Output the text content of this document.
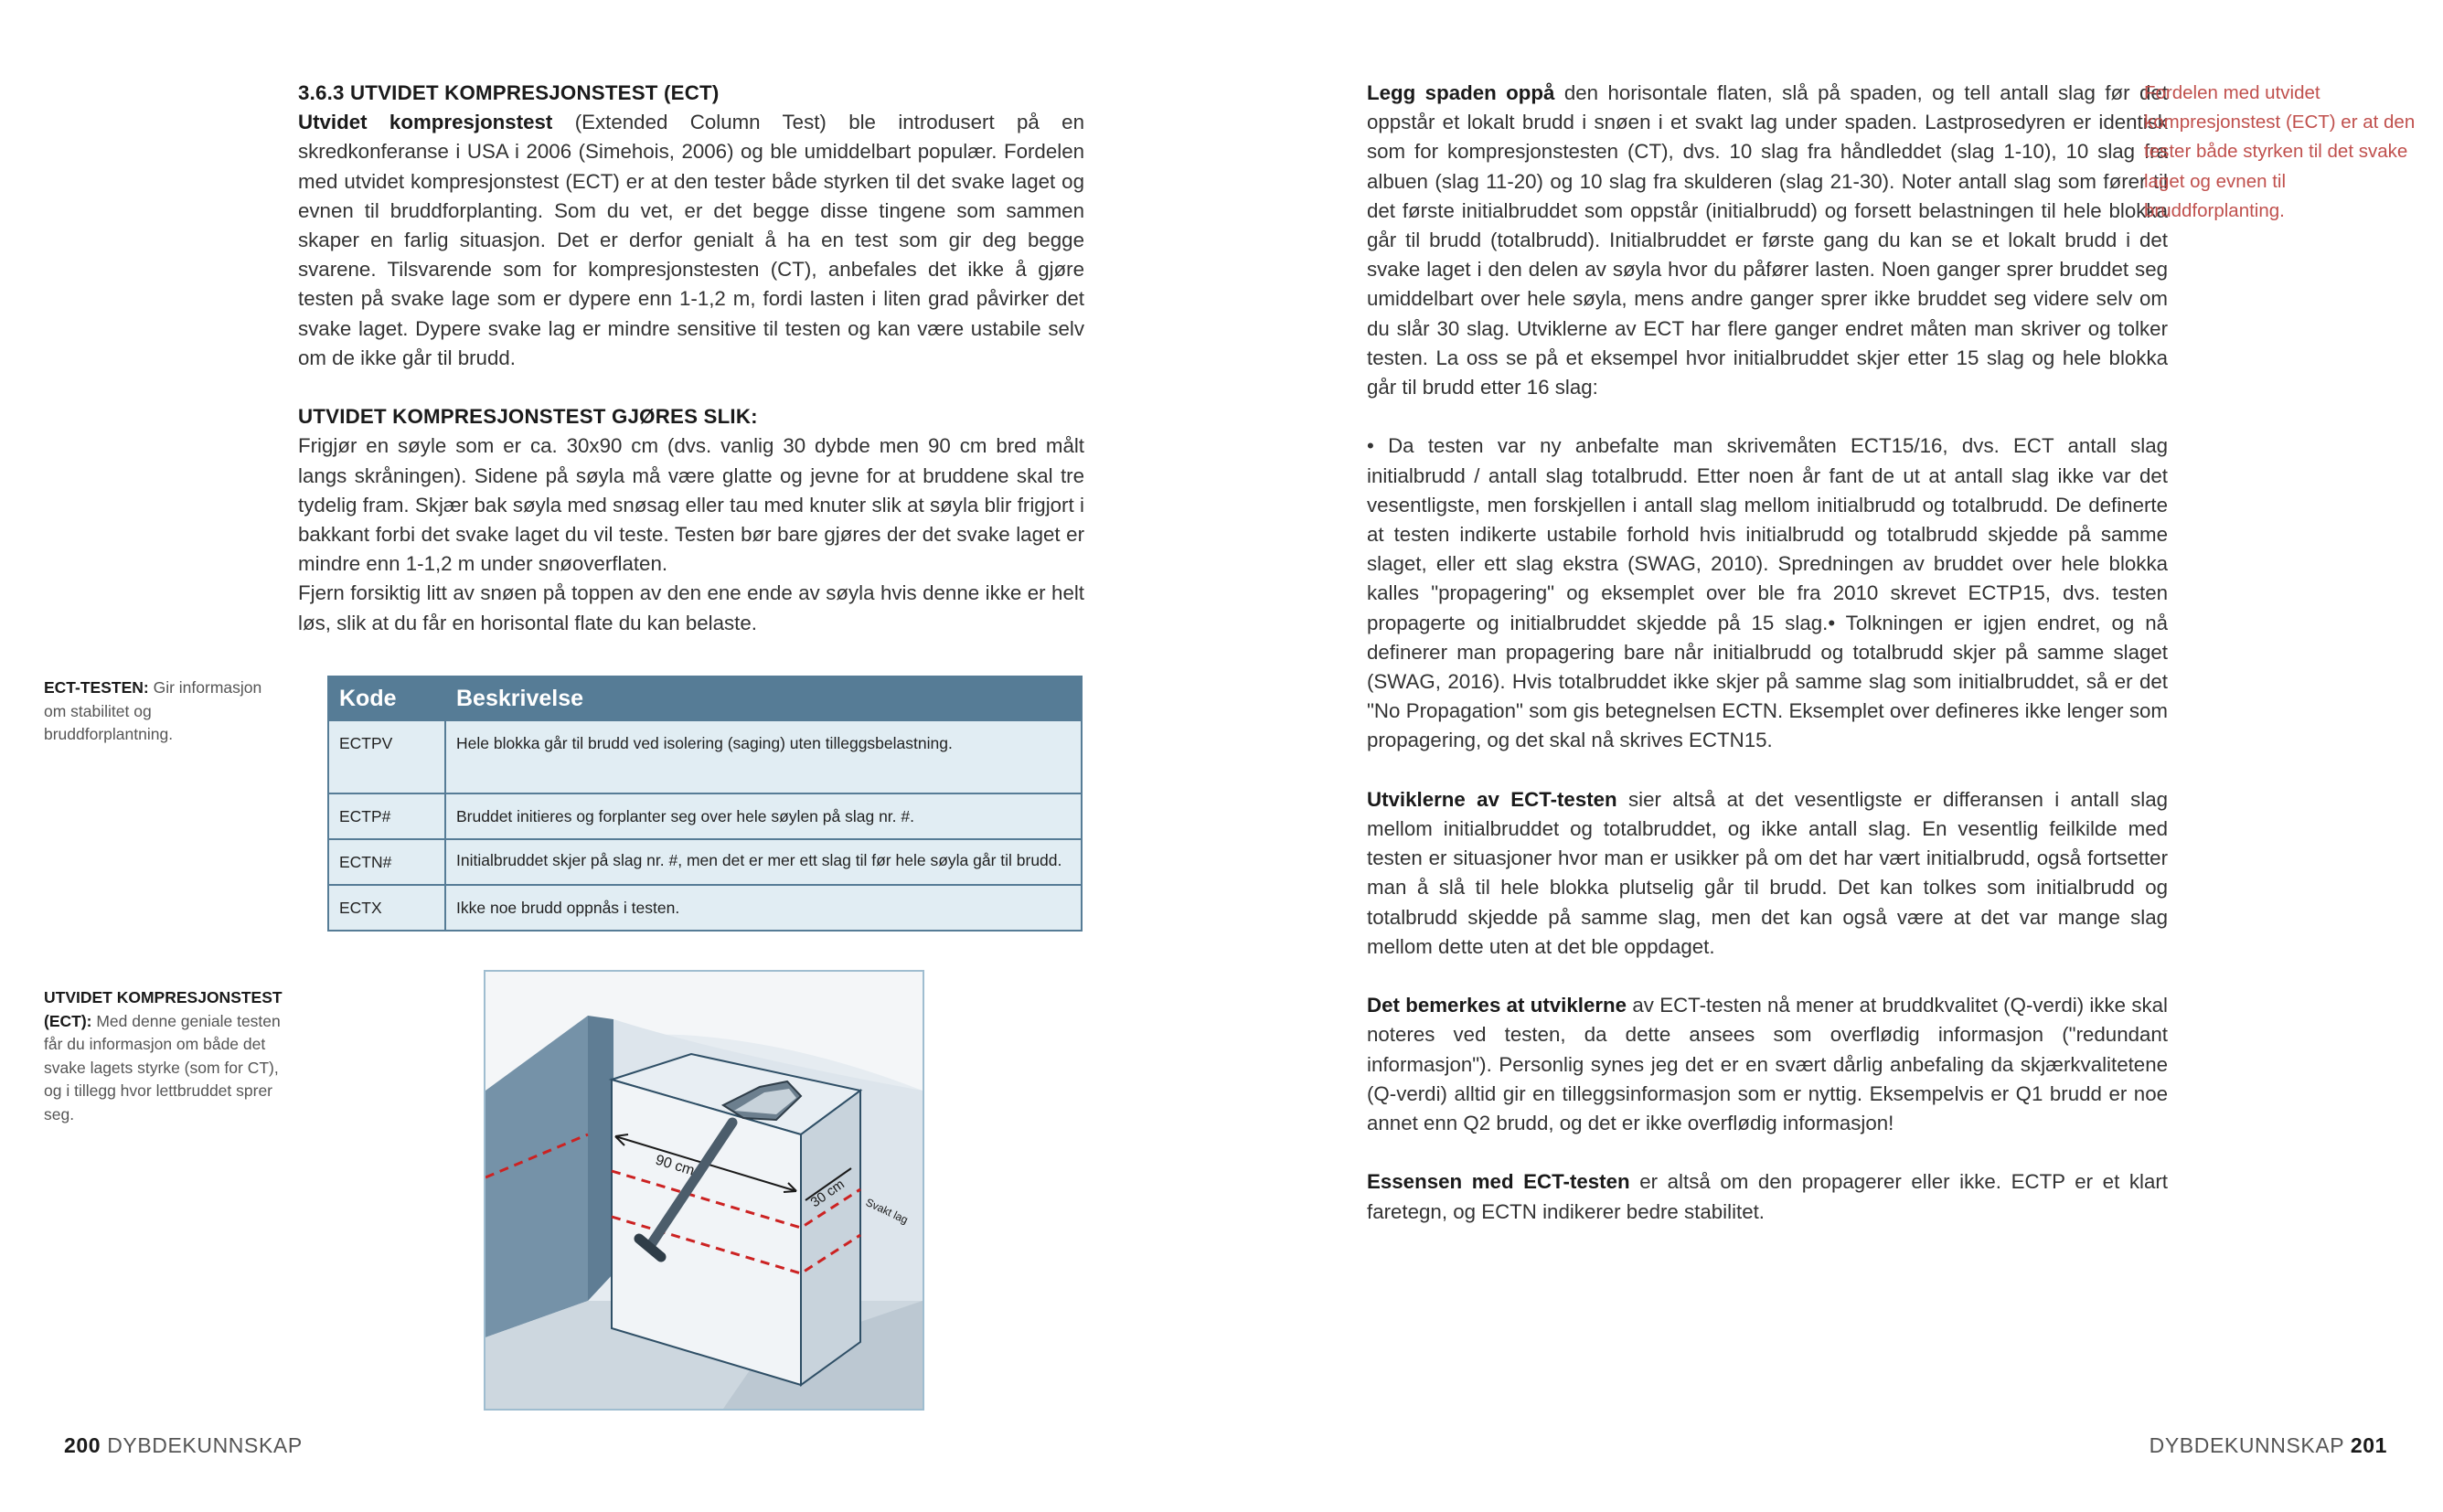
3.6.3 UTVIDET KOMPRESJONSTEST (ECT)

Utvidet kompresjonstest (Extended Column Test) ble introdusert på en skredkonferanse i USA i 2006 (Simehois, 2006) og ble umiddelbart populær. Fordelen med utvidet kompresjonstest (ECT) er at den tester både styrken til det svake laget og evnen til bruddforplanting. Som du vet, er det begge disse tingene som sammen skaper en farlig situasjon. Det er derfor genialt å ha en test som gir deg begge svarene. Tilsvarende som for kompresjonstesten (CT), anbefales det ikke å gjøre testen på svake lage som er dypere enn 1-1,2 m, fordi lasten i liten grad påvirker det svake laget. Dypere svake lag er mindre sensitive til testen og kan være ustabile selv om de ikke går til brudd.

UTVIDET KOMPRESJONSTEST GJØRES SLIK:

Frigjør en søyle som er ca. 30x90 cm (dvs. vanlig 30 dybde men 90 cm bred målt langs skråningen). Sidene på søyla må være glatte og jevne for at bruddene skal tre tydelig fram. Skjær bak søyla med snøsag eller tau med knuter slik at søyla blir frigjort i bakkant forbi det svake laget du vil teste. Testen bør bare gjøres der det svake laget er mindre enn 1-1,2 m under snøoverflaten.

Fjern forsiktig litt av snøen på toppen av den ene ende av søyla hvis denne ikke er helt løs, slik at du får en horisontal flate du kan belaste.

ECT-TESTEN: Gir informasjon om stabilitet og bruddforplantning.
UTVIDET KOMPRESJONSTEST (ECT): Med denne geniale testen får du informasjon om både det svake lagets styrke (som for CT), og i tillegg hvor lettbruddet sprer seg.
Kode	Beskrivelse
ECTPV	Hele blokka går til brudd ved isolering (saging) uten tilleggsbelastning.
ECTP#	Bruddet initieres og forplanter seg over hele søylen på slag nr. #.
ECTN#	Initialbruddet skjer på slag nr. #, men det er mer ett slag til før hele søyla går til brudd.
ECTX	Ikke noe brudd oppnås i testen.
90 cm
30 cm
Svakt lag

Legg spaden oppå den horisontale flaten, slå på spaden, og tell antall slag før det oppstår et lokalt brudd i snøen i et svakt lag under spaden. Lastprosedyren er identisk som for kompresjonstesten (CT), dvs. 10 slag fra håndleddet (slag 1-10), 10 slag fra albuen (slag 11-20) og 10 slag fra skulderen (slag 21-30). Noter antall slag som fører til det første initialbruddet som oppstår (initialbrudd) og forsett belastningen til hele blokka går til brudd (totalbrudd). Initialbruddet er første gang du kan se et lokalt brudd i det svake laget i den delen av søyla hvor du påfører lasten. Noen ganger sprer bruddet seg umiddelbart over hele søyla, mens andre ganger sprer ikke bruddet seg videre selv om du slår 30 slag. Utviklerne av ECT har flere ganger endret måten man skriver og tolker testen. La oss se på et eksempel hvor initialbruddet skjer etter 15 slag og hele blokka går til brudd etter 16 slag:

• Da testen var ny anbefalte man skrivemåten ECT15/16, dvs. ECT antall slag initialbrudd / antall slag totalbrudd. Etter noen år fant de ut at antall slag ikke var det vesentligste, men forskjellen i antall slag mellom initialbrudd og totalbrudd. De definerte at testen indikerte ustabile forhold hvis initialbrudd og totalbrudd skjedde på samme slaget, eller ett slag ekstra (SWAG, 2010). Spredningen av bruddet over hele blokka kalles "propagering" og eksemplet over ble fra 2010 skrevet ECTP15, dvs. testen propagerte og initialbruddet skjedde på 15 slag.• Tolkningen er igjen endret, og nå definerer man propagering bare når initialbrudd og totalbrudd skjer på samme slaget (SWAG, 2016). Hvis totalbruddet ikke skjer på samme slag som initialbruddet, så er det "No Propagation" som gis betegnelsen ECTN. Eksemplet over defineres ikke lenger som propagering, og det skal nå skrives ECTN15.

Utviklerne av ECT-testen sier altså at det vesentligste er differansen i antall slag mellom initialbruddet og totalbruddet, og ikke antall slag. En vesentlig feilkilde med testen er situasjoner hvor man er usikker på om det har vært initialbrudd, også fortsetter man å slå til hele blokka plutselig går til brudd. Det kan tolkes som initialbrudd og totalbrudd skjedde på samme slag, men det kan også være at det var mange slag mellom dette uten at det ble oppdaget.

Det bemerkes at utviklerne av ECT-testen nå mener at bruddkvalitet (Q-verdi) ikke skal noteres ved testen, da dette ansees som overflødig informasjon ("redundant informasjon"). Personlig synes jeg det er en svært dårlig anbefaling da skjærkvalitetene (Q-verdi) alltid gir en tilleggsinformasjon som er nyttig. Eksempelvis er Q1 brudd er noe annet enn Q2 brudd, og det er ikke overflødig informasjon!

Essensen med ECT-testen er altså om den propagerer eller ikke. ECTP er et klart faretegn, og ECTN indikerer bedre stabilitet.

Fordelen med utvidet kompresjonstest (ECT) er at den tester både styrken til det svake laget og evnen til bruddforplanting.
200 DYBDEKUNNSKAP	DYBDEKUNNSKAP 201
